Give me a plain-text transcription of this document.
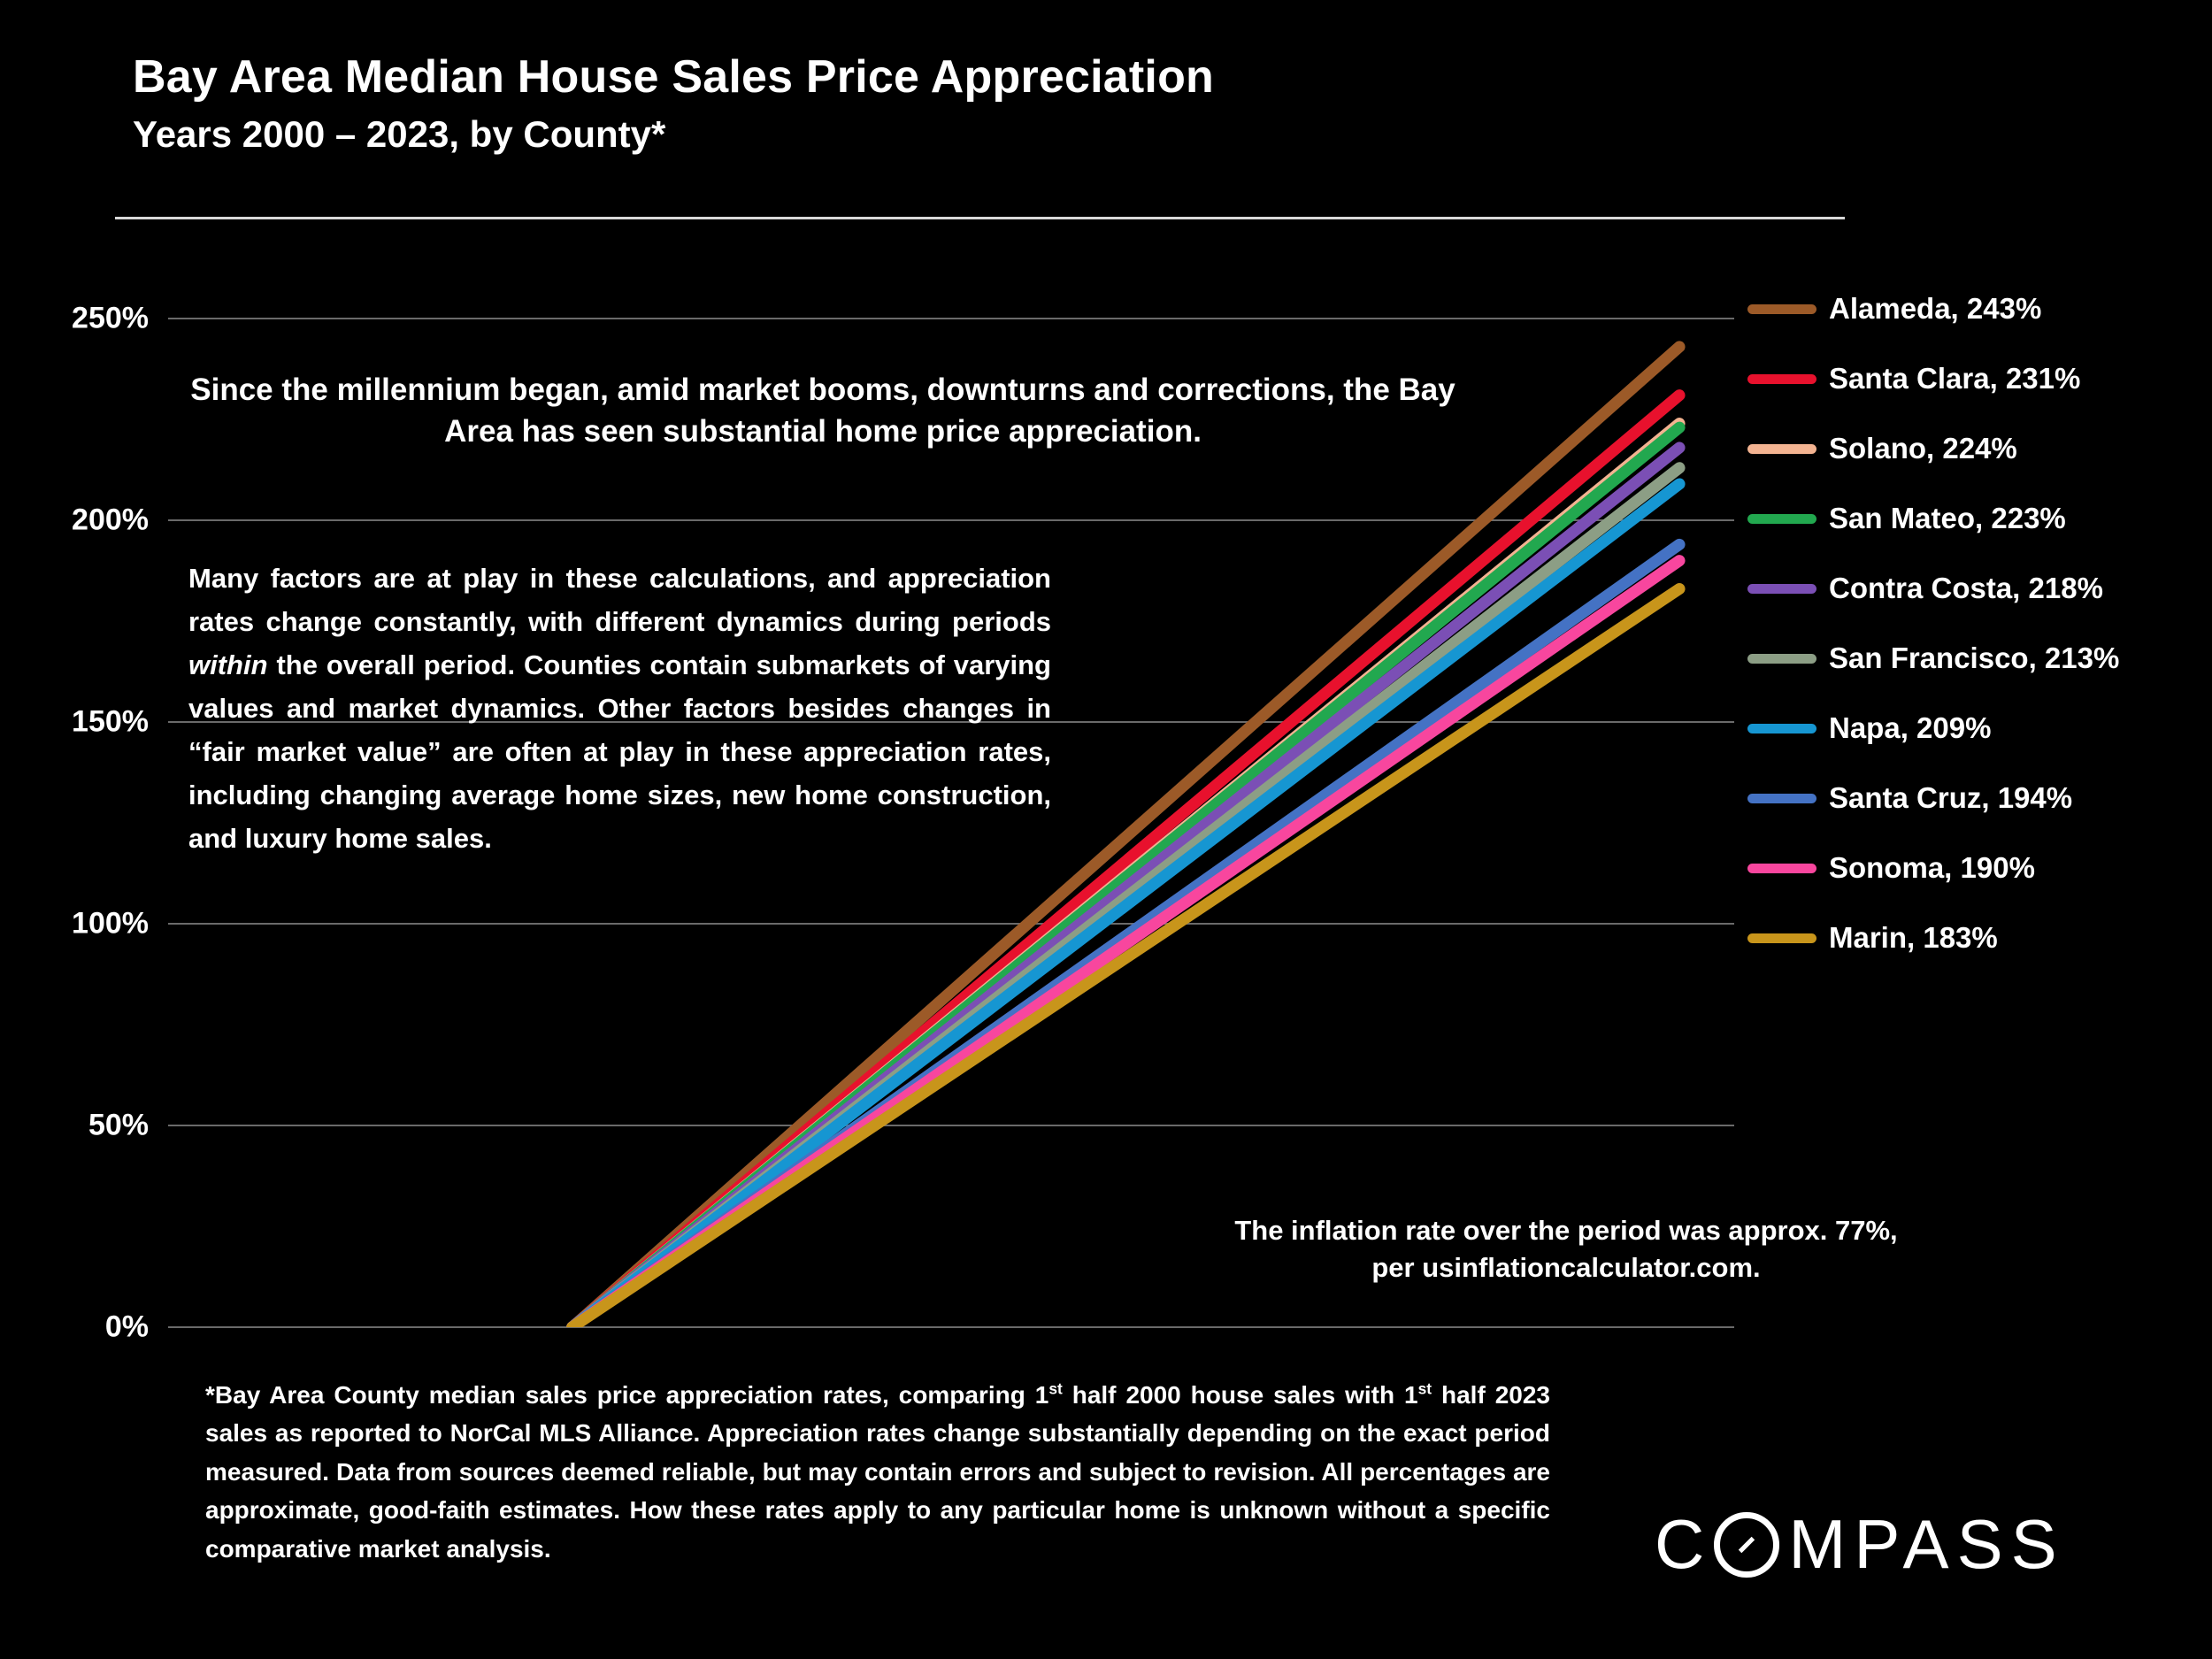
Bay Area Median House Sales Price Appreciation
Years 2000 – 2023, by County*
0%
50%
100%
150%
200%
250%
Since the millennium began, amid market booms, downturns and corrections, the Bay Area has seen substantial home price appreciation.
Many factors are at play in these calculations, and appreciation rates change constantly, with different dynamics during periods within the overall period. Counties contain submarkets of varying values and market dynamics. Other factors besides changes in “fair market value” are often at play in these appreciation rates, including changing average home sizes, new home construction, and luxury home sales.
The inflation rate over the period was approx. 77%, per usinflationcalculator.com.
Alameda, 243%
Santa Clara, 231%
Solano, 224%
San Mateo, 223%
Contra Costa, 218%
San Francisco, 213%
Napa, 209%
Santa Cruz, 194%
Sonoma, 190%
Marin, 183%
*Bay Area County median sales price appreciation rates, comparing 1st half 2000 house sales with 1st half 2023 sales as reported to NorCal MLS Alliance. Appreciation rates change substantially depending on the exact period measured. Data from sources deemed reliable, but may contain errors and subject to revision. All percentages are approximate, good-faith estimates. How these rates apply to any particular home is unknown without a specific comparative market analysis.	C MPASS
